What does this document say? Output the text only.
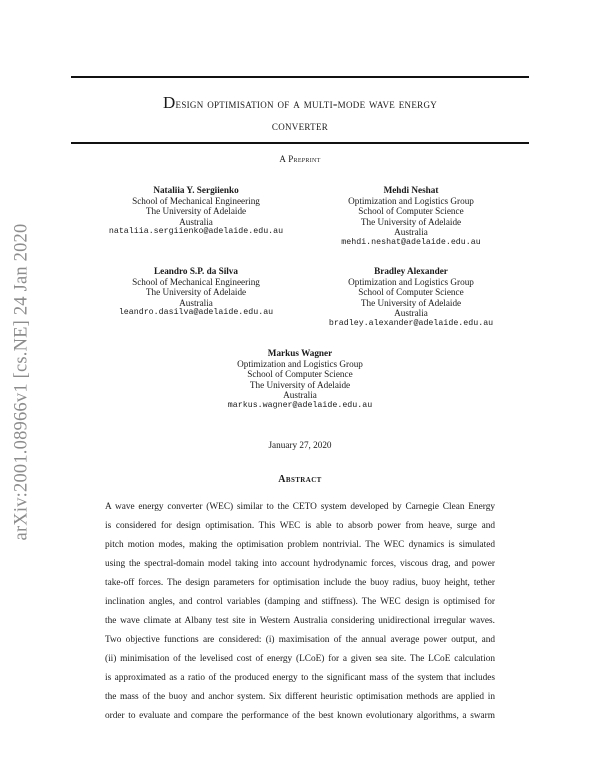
arXiv:2001.08966v1 [cs.NE] 24 Jan 2020
Design optimisation of a multi-mode wave energy
converter
A Preprint
Nataliia Y. Sergiienko
School of Mechanical Engineering
The University of Adelaide
Australia
nataliia.sergiienko@adelaide.edu.au
Mehdi Neshat
Optimization and Logistics Group
School of Computer Science
The University of Adelaide
Australia
mehdi.neshat@adelaide.edu.au
Leandro S.P. da Silva
School of Mechanical Engineering
The University of Adelaide
Australia
leandro.dasilva@adelaide.edu.au
Bradley Alexander
Optimization and Logistics Group
School of Computer Science
The University of Adelaide
Australia
bradley.alexander@adelaide.edu.au
Markus Wagner
Optimization and Logistics Group
School of Computer Science
The University of Adelaide
Australia
markus.wagner@adelaide.edu.au
January 27, 2020
Abstract
A wave energy converter (WEC) similar to the CETO system developed by Carnegie Clean Energy
is considered for design optimisation. This WEC is able to absorb power from heave, surge and
pitch motion modes, making the optimisation problem nontrivial. The WEC dynamics is simulated
using the spectral-domain model taking into account hydrodynamic forces, viscous drag, and power
take-off forces. The design parameters for optimisation include the buoy radius, buoy height, tether
inclination angles, and control variables (damping and stiffness). The WEC design is optimised for
the wave climate at Albany test site in Western Australia considering unidirectional irregular waves.
Two objective functions are considered: (i) maximisation of the annual average power output, and
(ii) minimisation of the levelised cost of energy (LCoE) for a given sea site. The LCoE calculation
is approximated as a ratio of the produced energy to the significant mass of the system that includes
the mass of the buoy and anchor system. Six different heuristic optimisation methods are applied in
order to evaluate and compare the performance of the best known evolutionary algorithms, a swarm
